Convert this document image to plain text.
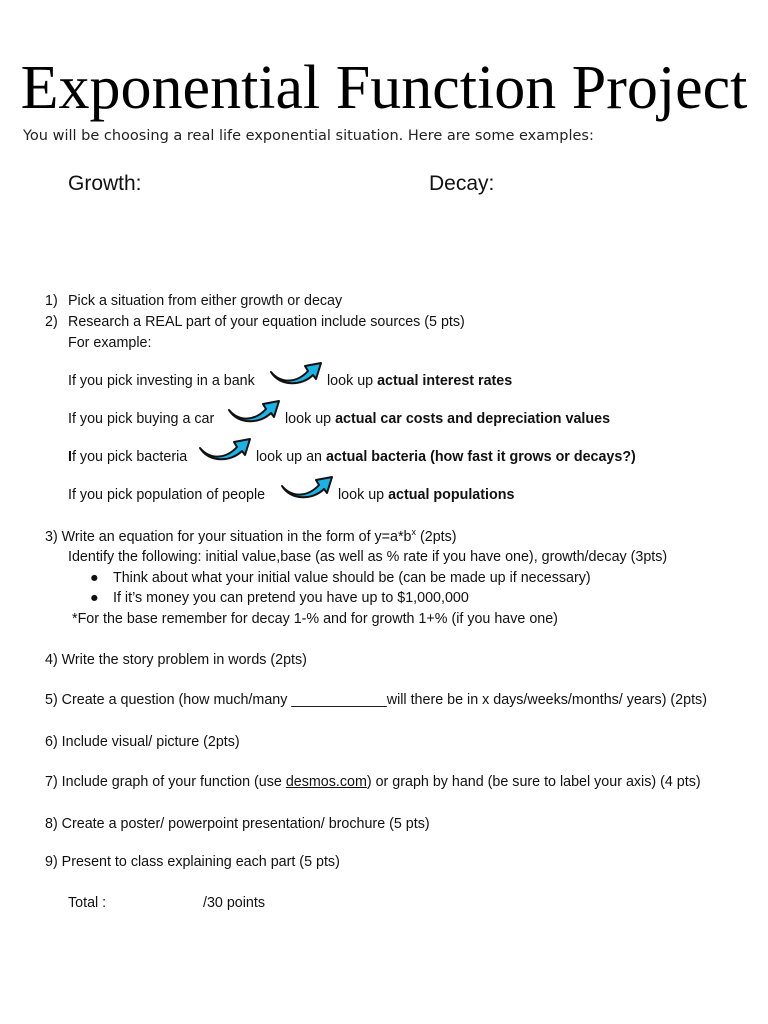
Exponential Function Project
You will be choosing a real life exponential situation. Here are some examples:
Growth:	Decay:
1) Pick a situation from either growth or decay
2) Research a REAL part of your equation include sources (5 pts)
For example:
If you pick investing in a bank	look up actual interest rates
If you pick buying a car	look up actual car costs and depreciation values
If you pick bacteria	look up an actual bacteria (how fast it grows or decays?)
If you pick population of people	look up actual populations
3) Write an equation for your situation in the form of $y=a*b^x$ (2pts)
Identify the following: initial value,base (as well as % rate if you have one), growth/decay (3pts)
● Think about what your initial value should be (can be made up if necessary)
● If it’s money you can pretend you have up to $1,000,000
*For the base remember for decay 1-% and for growth 1+% (if you have one)
4) Write the story problem in words (2pts)
5) Create a question (how much/many ____________will there be in x days/weeks/months/ years) (2pts)
6) Include visual/ picture (2pts)
7) Include graph of your function (use desmos.com) or graph by hand (be sure to label your axis) (4 pts)
8) Create a poster/ powerpoint presentation/ brochure (5 pts)
9) Present to class explaining each part (5 pts)
Total :	/30 points
